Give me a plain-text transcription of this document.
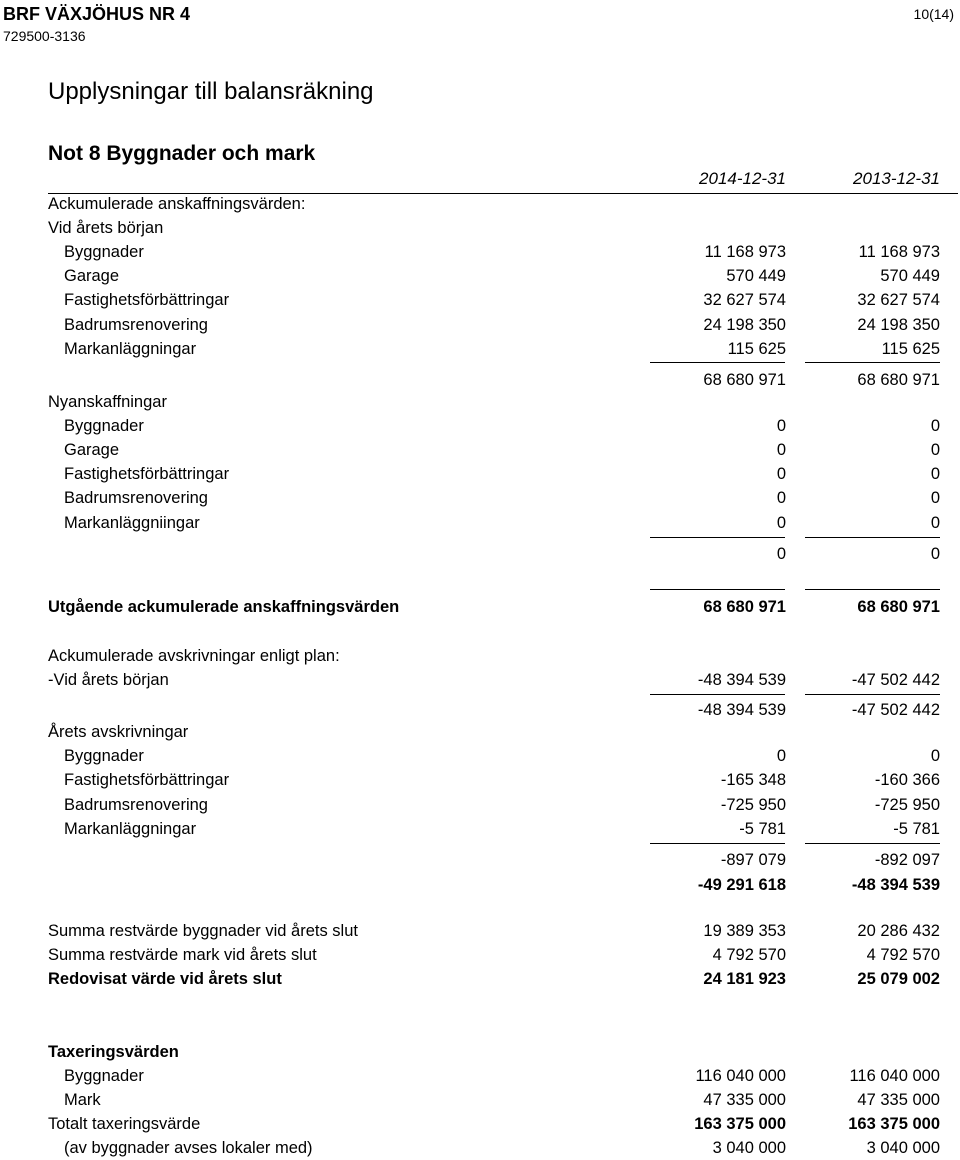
BRF VÄXJÖHUS NR 4
729500-3136
10(14)
Upplysningar till balansräkning
Not 8 Byggnader och mark
2014-12-31	2013-12-31
Ackumulerade anskaffningsvärden:
Vid årets början
Byggnader	11 168 973	11 168 973
Garage	570 449	570 449
Fastighetsförbättringar	32 627 574	32 627 574
Badrumsrenovering	24 198 350	24 198 350
Markanläggningar	115 625	115 625
68 680 971	68 680 971
Nyanskaffningar
Byggnader	0	0
Garage	0	0
Fastighetsförbättringar	0	0
Badrumsrenovering	0	0
Markanläggniingar	0	0
0	0
Utgående ackumulerade anskaffningsvärden	68 680 971	68 680 971
Ackumulerade avskrivningar enligt plan:
-Vid årets början	-48 394 539	-47 502 442
-48 394 539	-47 502 442
Årets avskrivningar
Byggnader	0	0
Fastighetsförbättringar	-165 348	-160 366
Badrumsrenovering	-725 950	-725 950
Markanläggningar	-5 781	-5 781
-897 079	-892 097
-49 291 618	-48 394 539
Summa restvärde byggnader vid årets slut	19 389 353	20 286 432
Summa restvärde mark vid årets slut	4 792 570	4 792 570
Redovisat värde vid årets slut	24 181 923	25 079 002
Taxeringsvärden
Byggnader	116 040 000	116 040 000
Mark	47 335 000	47 335 000
Totalt taxeringsvärde	163 375 000	163 375 000
(av byggnader avses lokaler med)	3 040 000	3 040 000
